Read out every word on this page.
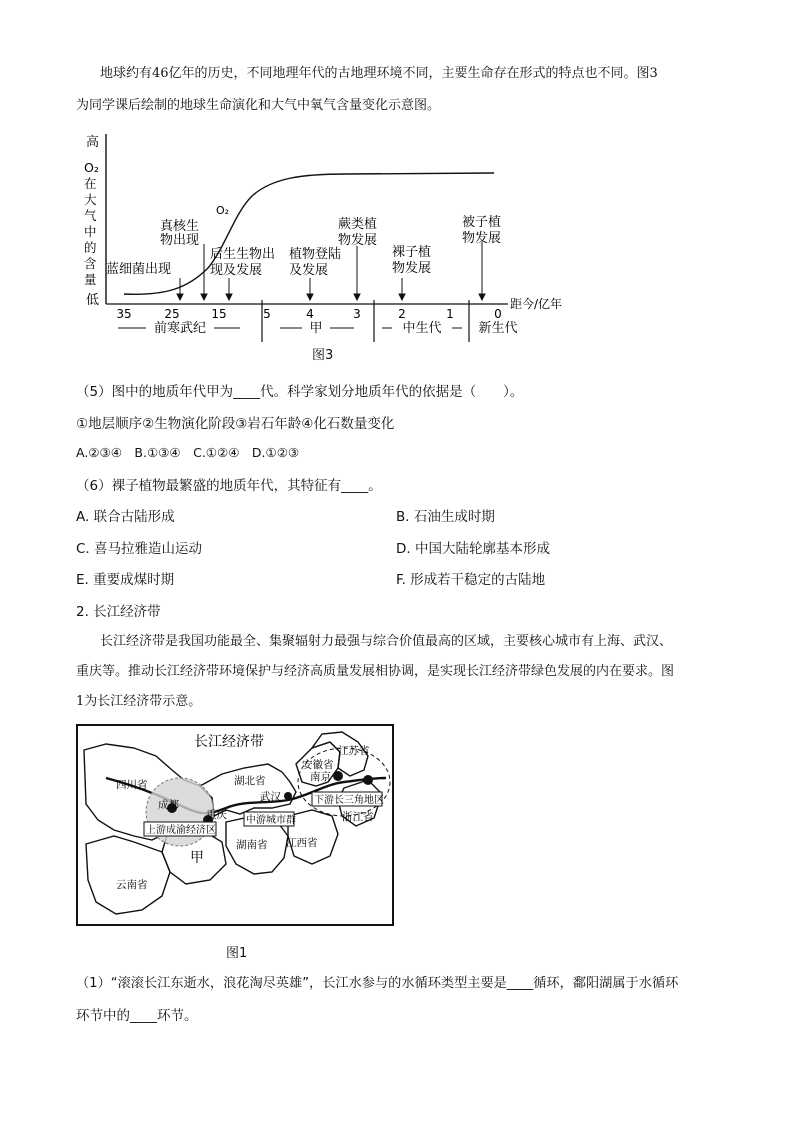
地球约有46亿年的历史，不同地理年代的古地理环境不同，主要生命存在形式的特点也不同。图3
为同学课后绘制的地球生命演化和大气中氧气含量变化示意图。
高
低
O₂
在
大
气
中
的
含
量
距今/亿年
35	25	15	5	4	3	2	1	0
前寒武纪	甲	中生代	新生代
O₂
蓝细菌出现
真核生
物出现
后生生物出
现及发展
植物登陆
及发展
蕨类植
物发展
裸子植
物发展
被子植
物发展
图3
（5）图中的地质年代甲为____代。科学家划分地质年代的依据是（　　）。
①地层顺序②生物演化阶段③岩石年龄④化石数量变化
A.②③④　B.①③④　C.①②④　D.①②③
（6）裸子植物最繁盛的地质年代，其特征有____。
A. 联合古陆形成	B. 石油生成时期
C. 喜马拉雅造山运动	D. 中国大陆轮廓基本形成
E. 重要成煤时期	F. 形成若干稳定的古陆地
2. 长江经济带
长江经济带是我国功能最全、集聚辐射力最强与综合价值最高的区域，主要核心城市有上海、武汉、
重庆等。推动长江经济带环境保护与经济高质量发展相协调，是实现长江经济带绿色发展的内在要求。图
1为长江经济带示意。
长江经济带
四川省	湖北省
安徽省
江苏省
浙江省
湖南省 江西省
云南省
成都
重庆
武汉
南京
上游成渝经济区
中游城市群
下游长三角地区
甲
图1
（1）“滚滚长江东逝水，浪花淘尽英雄”，长江水参与的水循环类型主要是____循环，鄱阳湖属于水循环
环节中的____环节。
